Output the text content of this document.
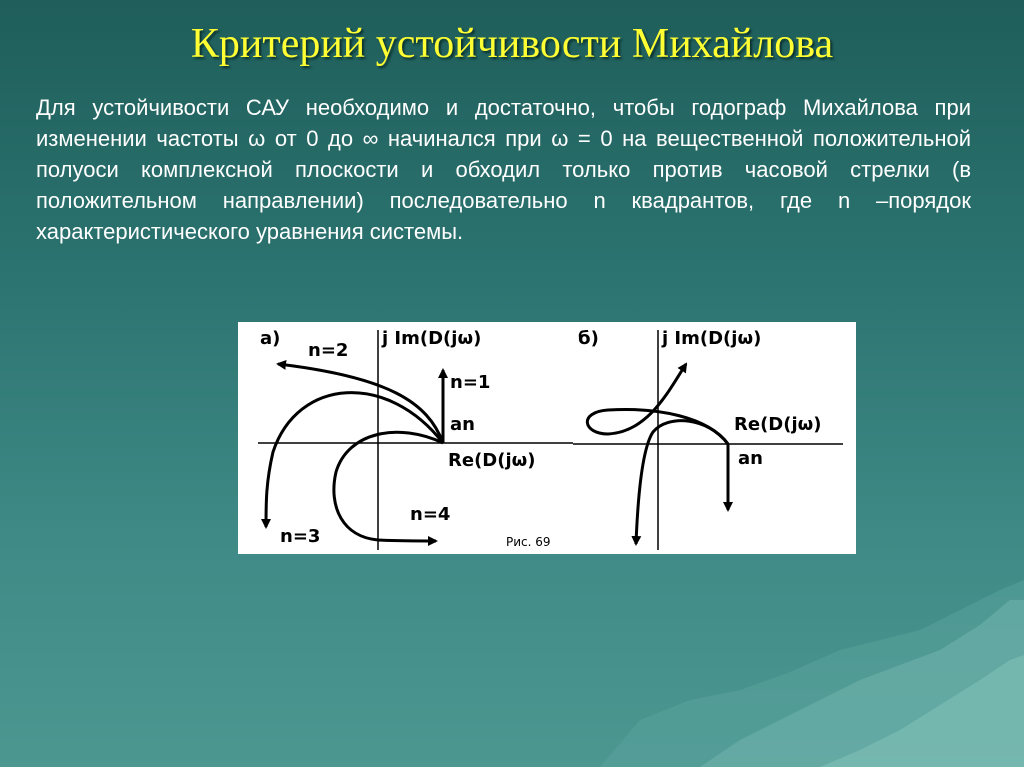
Критерий устойчивости Михайлова
Для устойчивости САУ необходимо и достаточно, чтобы годограф Михайлова при изменении частоты ω от 0 до ∞ начинался при ω = 0 на вещественной положительной полуоси комплексной плоскости и обходил только против часовой стрелки (в положительном направлении) последовательно n квадрантов, где n –порядок характеристического уравнения системы.
а)	j Im(D(jω)
Re(D(jω)
an
n=1
n=2
n=3
n=4
б)	j Im(D(jω)
Re(D(jω)
an
Рис. 69
